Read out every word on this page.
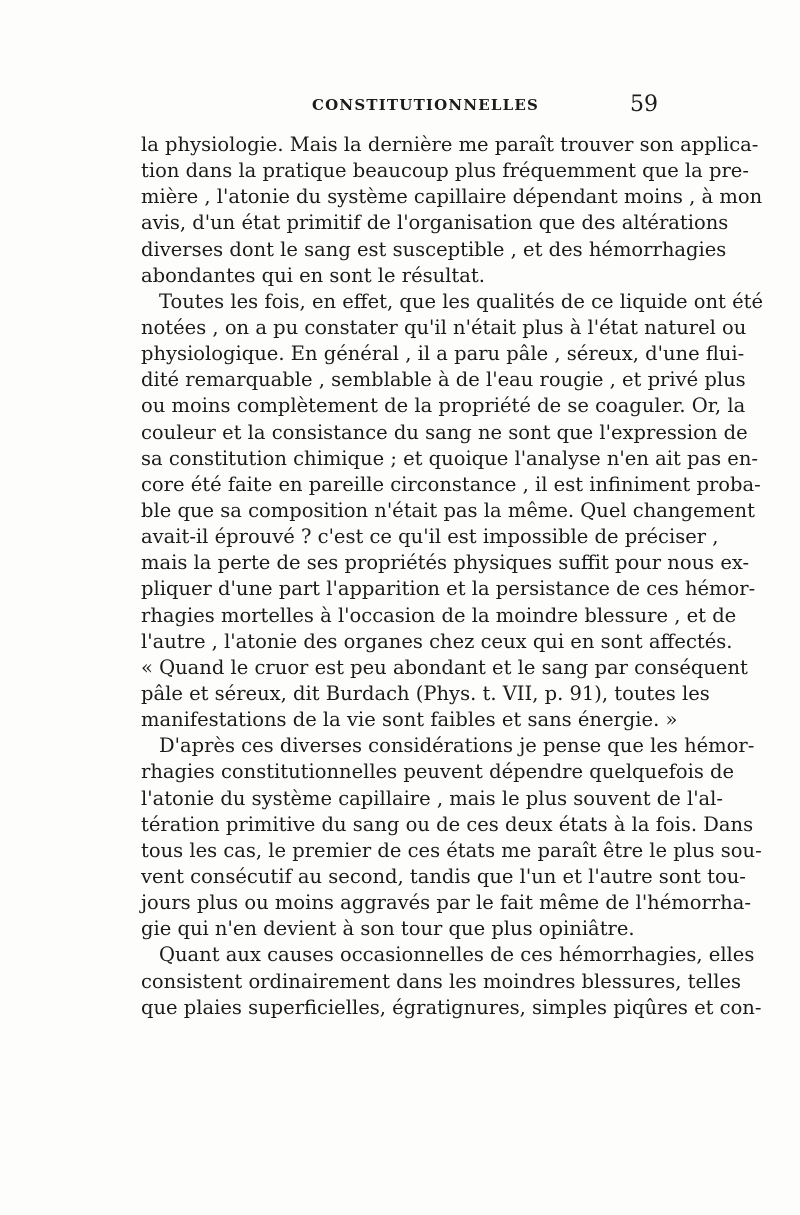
CONSTITUTIONNELLES	59
la physiologie. Mais la dernière me paraît trouver son applica-
tion dans la pratique beaucoup plus fréquemment que la pre-
mière , l'atonie du système capillaire dépendant moins , à mon
avis, d'un état primitif de l'organisation que des altérations
diverses dont le sang est susceptible , et des hémorrhagies
abondantes qui en sont le résultat.
Toutes les fois, en effet, que les qualités de ce liquide ont été
notées , on a pu constater qu'il n'était plus à l'état naturel ou
physiologique. En général , il a paru pâle , séreux, d'une flui-
dité remarquable , semblable à de l'eau rougie , et privé plus
ou moins complètement de la propriété de se coaguler. Or, la
couleur et la consistance du sang ne sont que l'expression de
sa constitution chimique ; et quoique l'analyse n'en ait pas en-
core été faite en pareille circonstance , il est infiniment proba-
ble que sa composition n'était pas la même. Quel changement
avait-il éprouvé ? c'est ce qu'il est impossible de préciser ,
mais la perte de ses propriétés physiques suffit pour nous ex-
pliquer d'une part l'apparition et la persistance de ces hémor-
rhagies mortelles à l'occasion de la moindre blessure , et de
l'autre , l'atonie des organes chez ceux qui en sont affectés.
« Quand le cruor est peu abondant et le sang par conséquent
pâle et séreux, dit Burdach (Phys. t. VII, p. 91), toutes les
manifestations de la vie sont faibles et sans énergie. »
D'après ces diverses considérations je pense que les hémor-
rhagies constitutionnelles peuvent dépendre quelquefois de
l'atonie du système capillaire , mais le plus souvent de l'al-
tération primitive du sang ou de ces deux états à la fois. Dans
tous les cas, le premier de ces états me paraît être le plus sou-
vent consécutif au second, tandis que l'un et l'autre sont tou-
jours plus ou moins aggravés par le fait même de l'hémorrha-
gie qui n'en devient à son tour que plus opiniâtre.
Quant aux causes occasionnelles de ces hémorrhagies, elles
consistent ordinairement dans les moindres blessures, telles
que plaies superficielles, égratignures, simples piqûres et con-
